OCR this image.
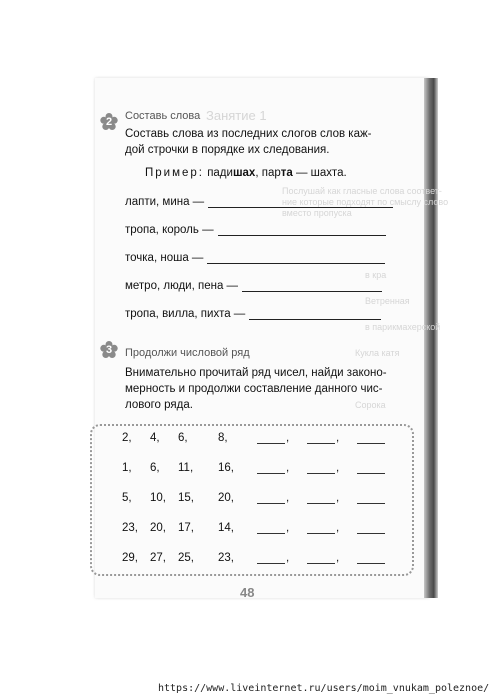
Занятие 1
Послушай как гласные слова соответ-
ние которые подходят по смыслу слово
вместо пропуска
в кра
Ветренная
в парикмахерской
Кукла катя
Сорока
2	Составь слова
Составь слова из последних слогов слов каж-
дой строчки в порядке их следования.
Пример: падишах, парта — шахта.
лапти, мина —
тропа, король —
точка, ноша —
метро, люди, пена —
тропа, вилла, пихта —
3	Продолжи числовой ряд
Внимательно прочитай ряд чисел, найди законо-
мерность и продолжи составление данного чис-
лового ряда.
2, 4, 6,	8,	,	,
1, 6, 11, 16,	,	,
5, 10, 15, 20,	,	,
23, 20, 17, 14,	,	,
29, 27, 25, 23,	,	,
48
https://www.liveinternet.ru/users/moim_vnukam_poleznoe/
